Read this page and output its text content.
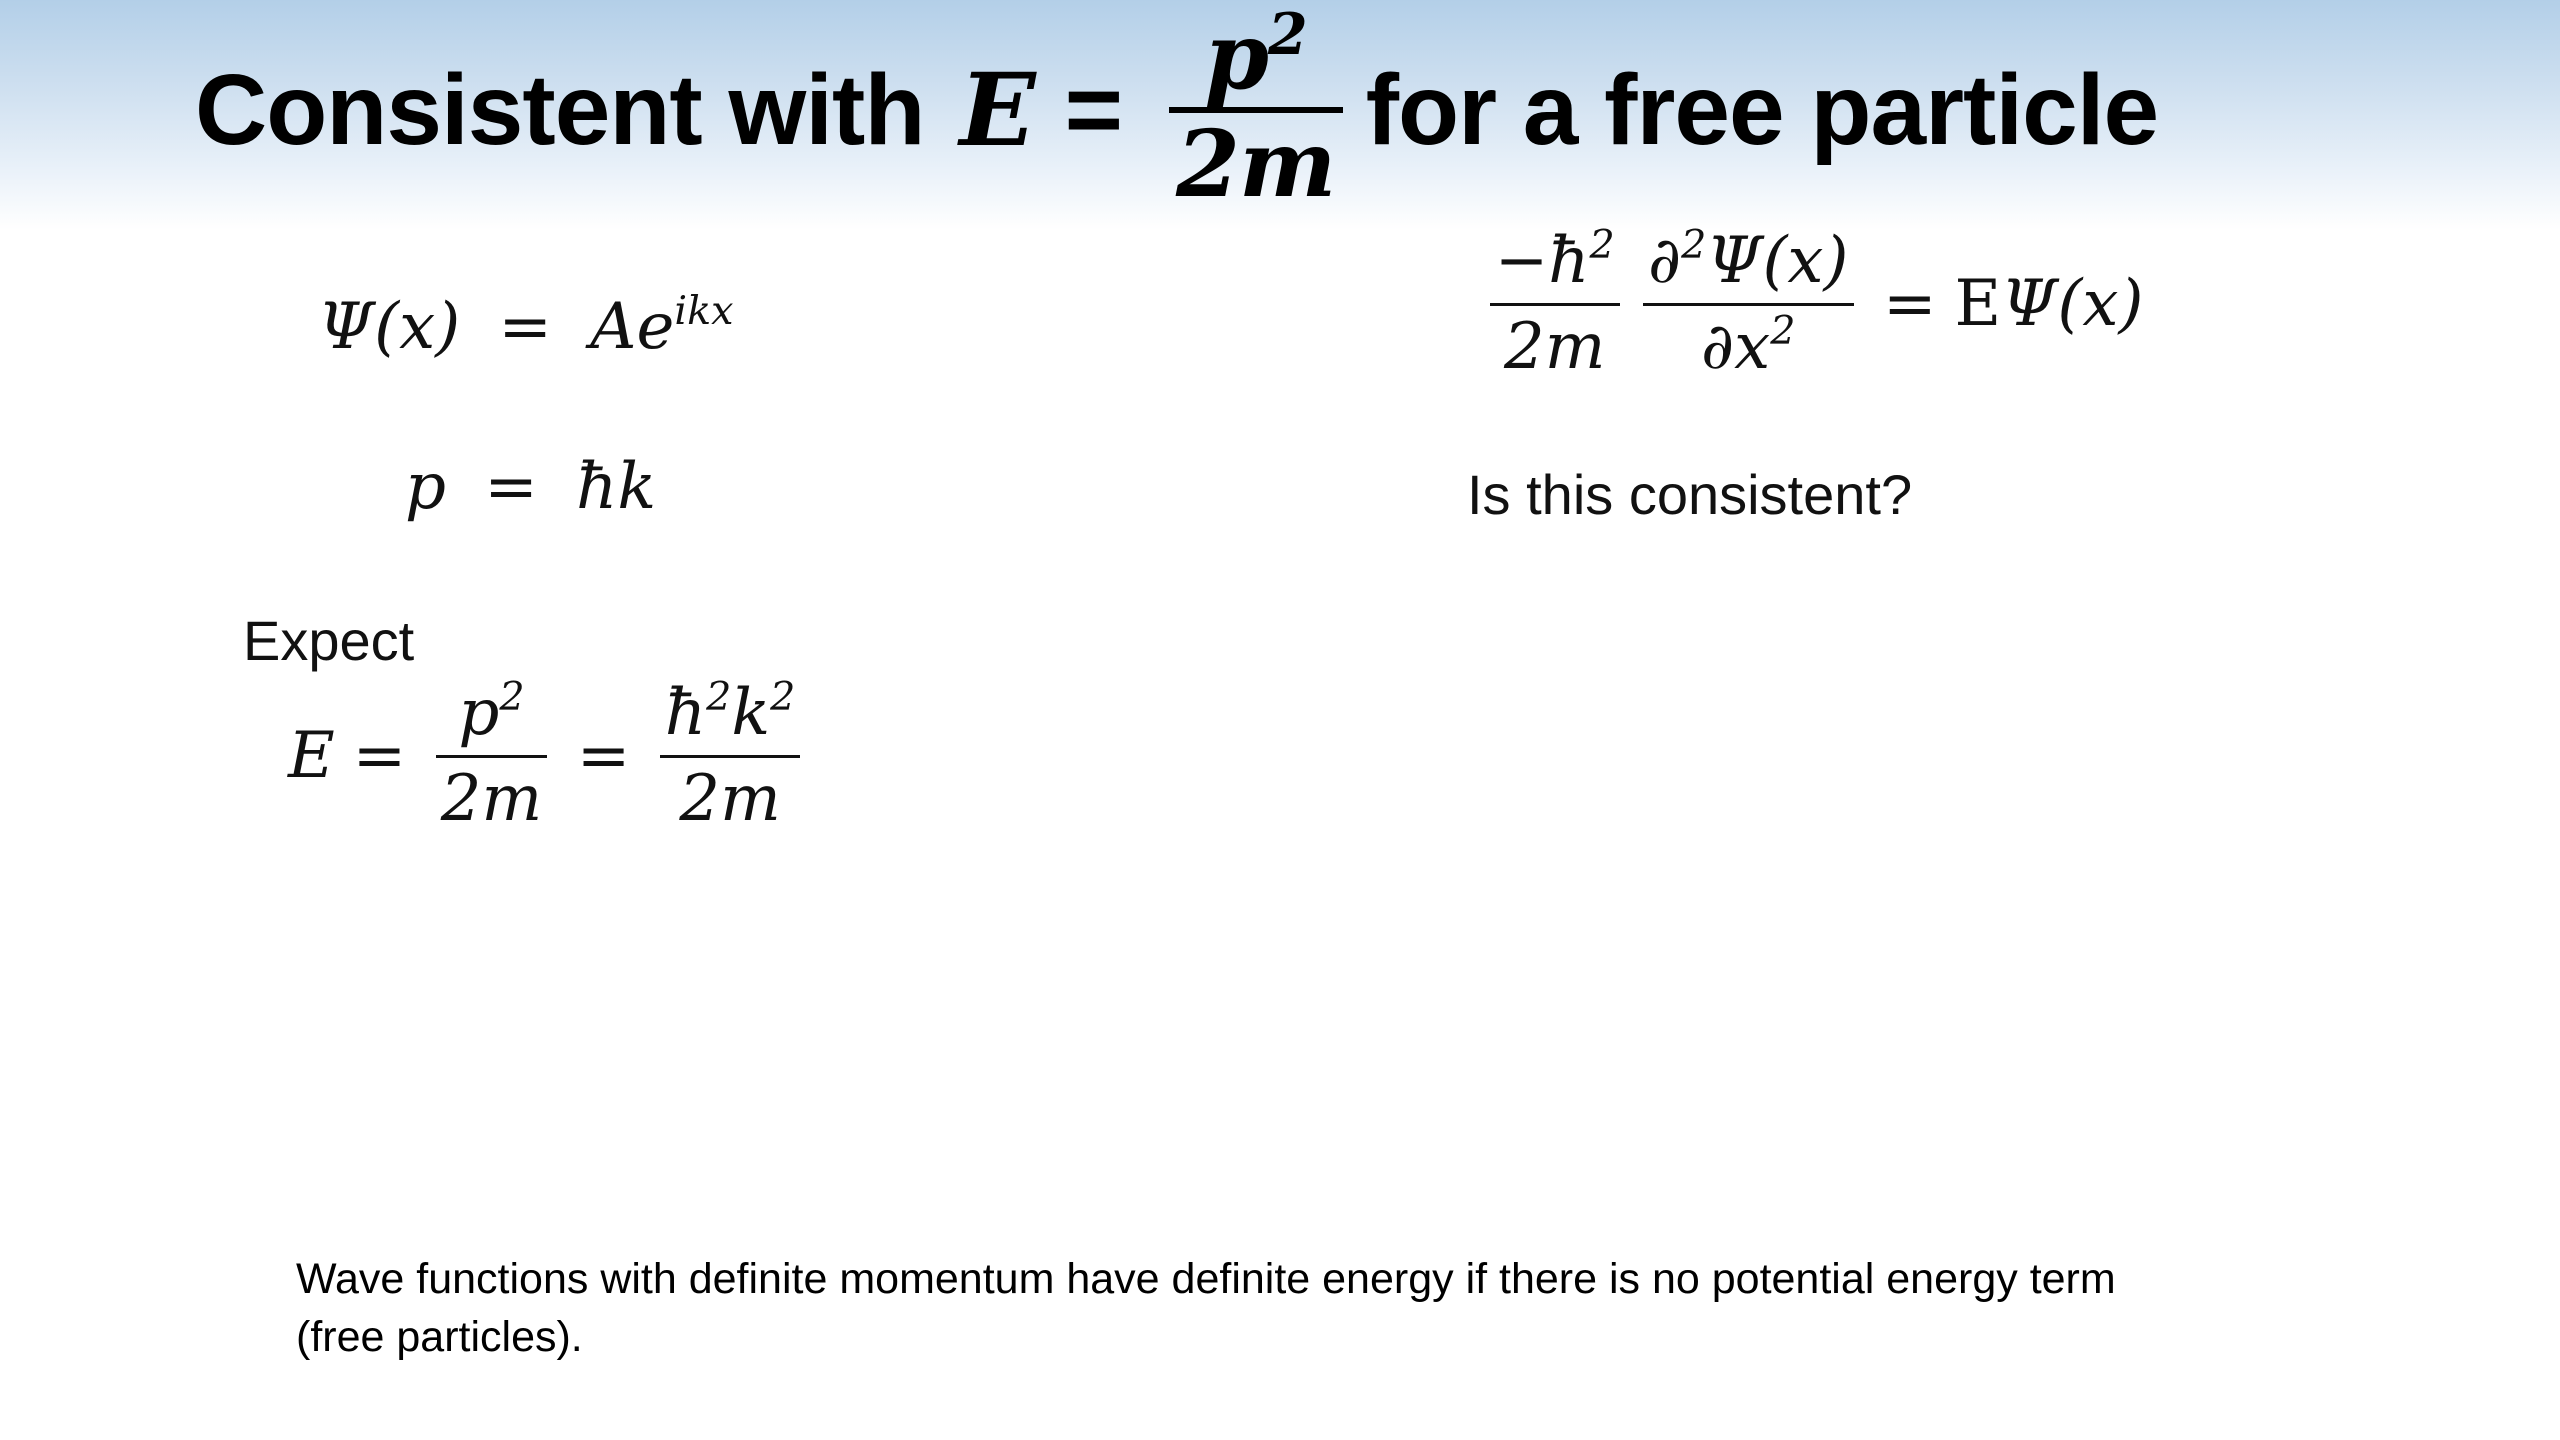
Consistent with $E = p^2$
2m for a free particle
$\Psi(x) = Ae^{ikx}$
p = ħk
Expect
$E = \frac{p^2}{2m} = \frac{ħ^2k^2}{2m}$
$\frac{-ħ^2}{2m} \frac{\partial^2\Psi(x)}{\partial x^2} = E\Psi(x)$
Is this consistent?
Wave functions with definite momentum have definite energy if there is no potential energy term (free particles).
